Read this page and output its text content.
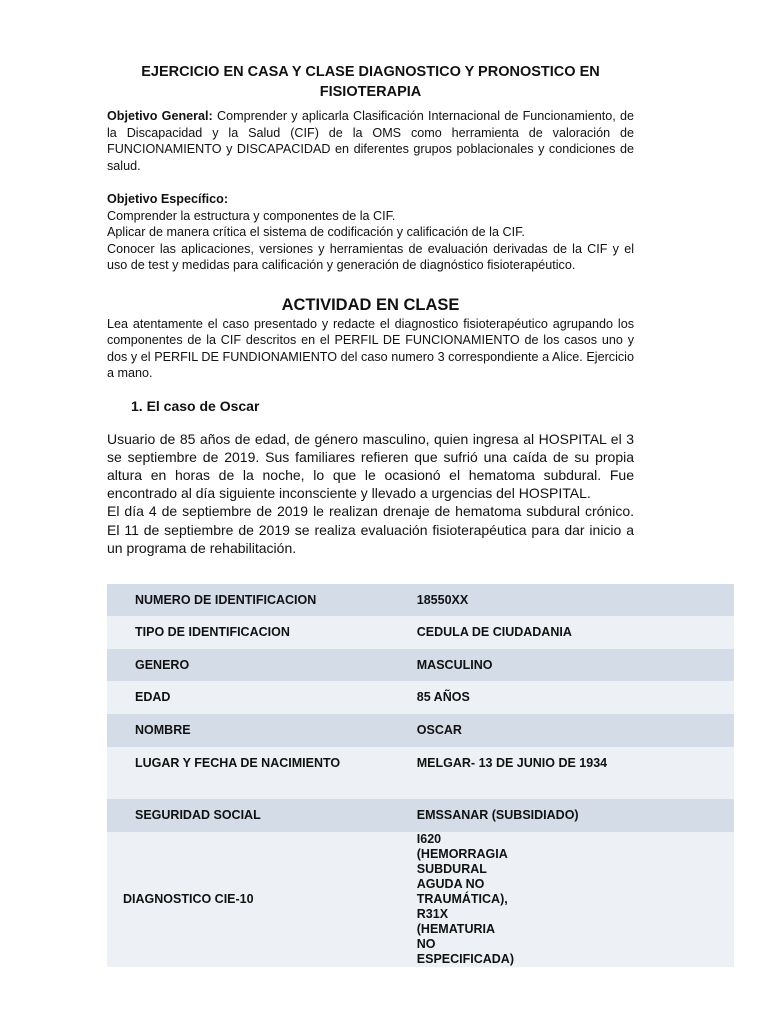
EJERCICIO EN CASA Y CLASE DIAGNOSTICO Y PRONOSTICO EN
FISIOTERAPIA

Objetivo General: Comprender y aplicarla Clasificación Internacional de Funcionamiento, de la Discapacidad y la Salud (CIF) de la OMS como herramienta de valoración de FUNCIONAMIENTO y DISCAPACIDAD en diferentes grupos poblacionales y condiciones de salud.

Objetivo Específico:

Comprender la estructura y componentes de la CIF.

Aplicar de manera crítica el sistema de codificación y calificación de la CIF.

Conocer las aplicaciones, versiones y herramientas de evaluación derivadas de la CIF y el uso de test y medidas para calificación y generación de diagnóstico fisioterapéutico.

ACTIVIDAD EN CLASE

Lea atentamente el caso presentado y redacte el diagnostico fisioterapéutico agrupando los componentes de la CIF descritos en el PERFIL DE FUNCIONAMIENTO de los casos uno y dos y el PERFIL DE FUNDIONAMIENTO del caso numero 3 correspondiente a Alice. Ejercicio a mano.

1. El caso de Oscar
Usuario de 85 años de edad, de género masculino, quien ingresa al HOSPITAL el 3 se septiembre de 2019. Sus familiares refieren que sufrió una caída de su propia altura en horas de la noche, lo que le ocasionó el hematoma subdural. Fue encontrado al día siguiente inconsciente y llevado a urgencias del HOSPITAL.
El día 4 de septiembre de 2019 le realizan drenaje de hematoma subdural crónico. El 11 de septiembre de 2019 se realiza evaluación fisioterapéutica para dar inicio a un programa de rehabilitación.
NUMERO DE IDENTIFICACION	18550XX
TIPO DE IDENTIFICACION	CEDULA DE CIUDADANIA
GENERO	MASCULINO
EDAD	85 AÑOS
NOMBRE	OSCAR
LUGAR Y FECHA DE NACIMIENTO	MELGAR- 13 DE JUNIO DE 1934
SEGURIDAD SOCIAL	EMSSANAR (SUBSIDIADO)
DIAGNOSTICO CIE-10	I620 (HEMORRAGIA SUBDURAL AGUDA NO TRAUMÁTICA), R31X (HEMATURIA NO ESPECIFICADA)
